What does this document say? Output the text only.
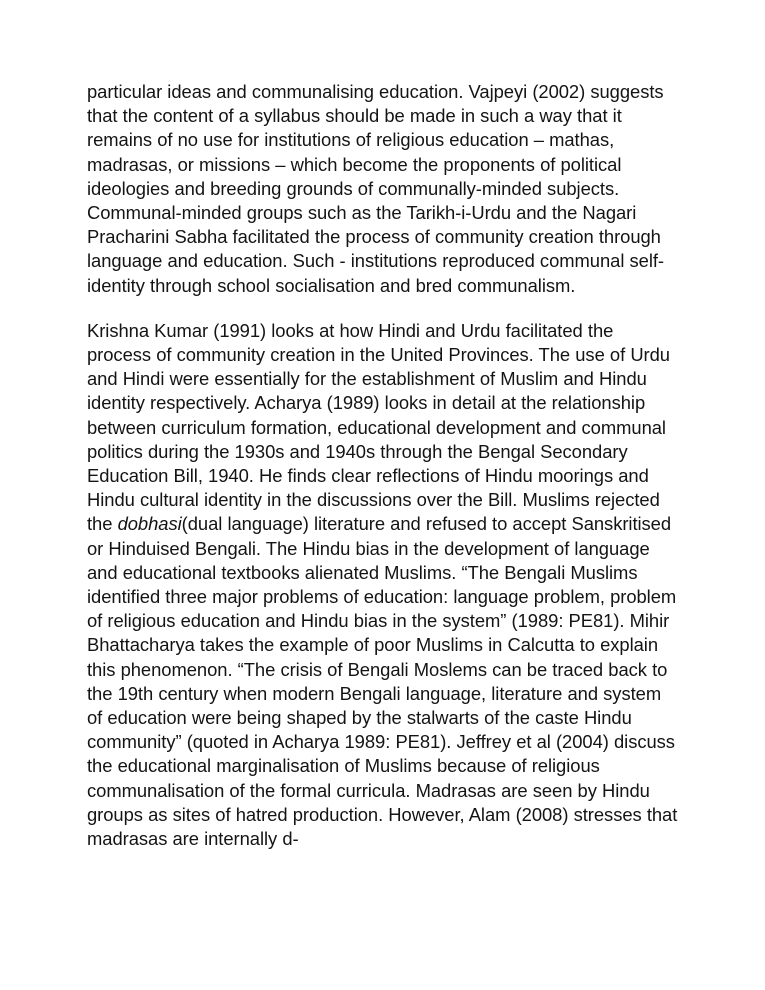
particular ideas and communalising education. Vajpeyi (2002) suggests that the content of a syllabus should be made in such a way that it remains of no use for institutions of religious education – mathas, madrasas, or missions – which become the proponents of political ideologies and breeding grounds of communally-minded subjects. Communal-minded groups such as the Tarikh-i-Urdu and the Nagari Pracharini Sabha facilitated the process of community creation through language and education. Such - institutions reproduced communal self-identity through school socialisation and bred communalism.

Krishna Kumar (1991) looks at how Hindi and Urdu facilitated the process of community creation in the United Provinces. The use of Urdu and Hindi were essentially for the establishment of Muslim and Hindu identity respectively. Acharya (1989) looks in detail at the relationship between curriculum formation, educational development and communal politics during the 1930s and 1940s through the Bengal Secondary Education Bill, 1940. He finds clear reflections of Hindu moorings and Hindu cultural identity in the discussions over the Bill. Muslims rejected the dobhasi(dual language) literature and refused to accept Sanskritised or Hinduised Bengali. The Hindu bias in the development of language and educational textbooks alienated Muslims. “The Bengali Muslims identified three major problems of education: language problem, problem of religious education and Hindu bias in the system” (1989: PE81). Mihir Bhattacharya takes the example of poor Muslims in Calcutta to explain this phenomenon. “The crisis of Bengali Moslems can be traced back to the 19th century when modern Bengali language, literature and system of education were being shaped by the stalwarts of the caste Hindu community” (quoted in Acharya 1989: PE81). Jeffrey et al (2004) discuss the educational marginalisation of Muslims because of religious communalisation of the formal curricula. Madrasas are seen by Hindu groups as sites of hatred production. However, Alam (2008) stresses that madrasas are internally d-
